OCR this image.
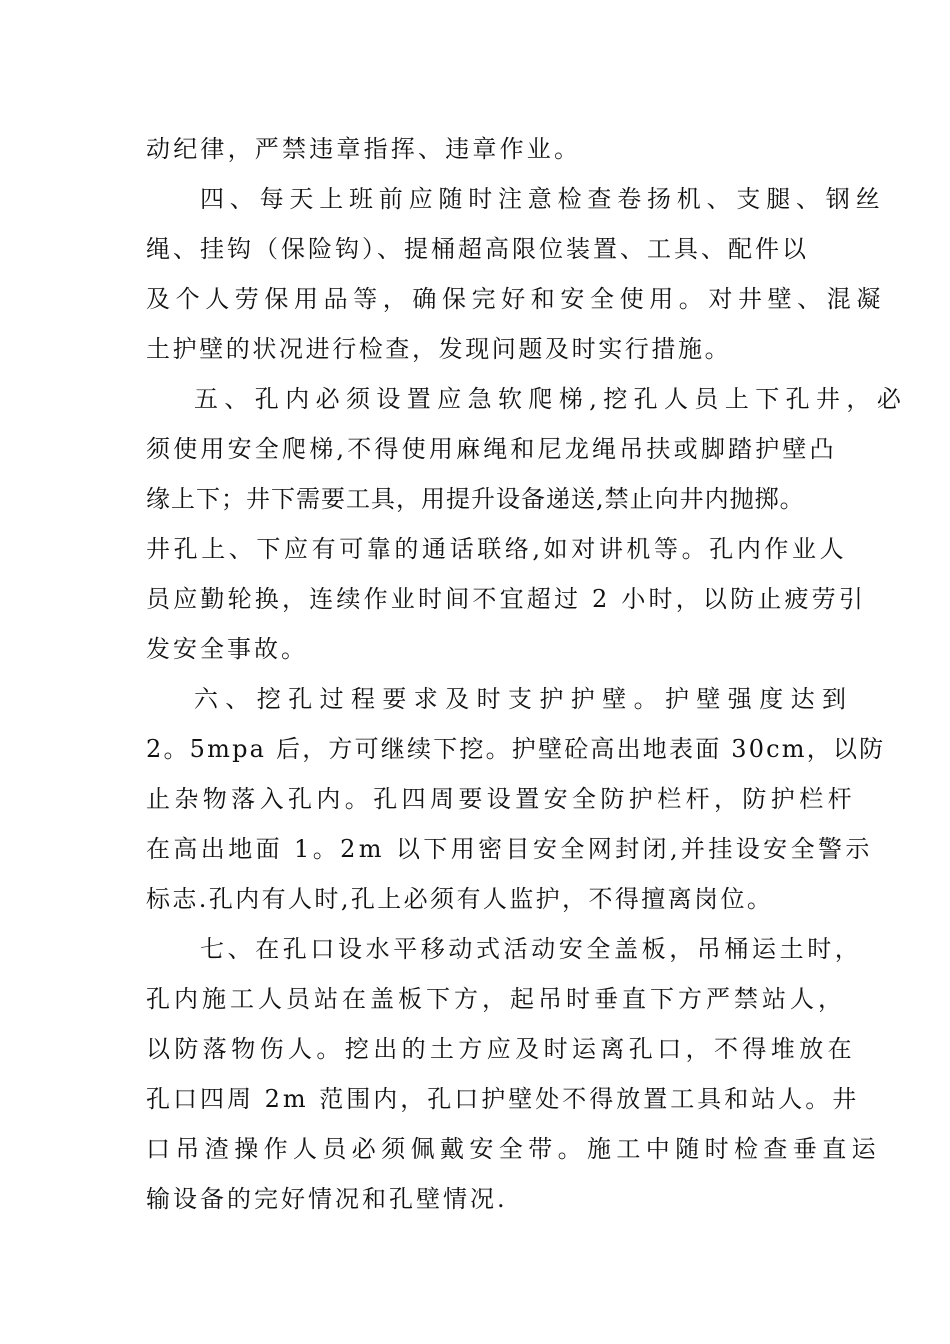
动纪律，严禁违章指挥、违章作业。
四、每天上班前应随时注意检查卷扬机、支腿、钢丝
绳、挂钩（保险钩）、提桶超高限位装置、工具、配件以
及个人劳保用品等，确保完好和安全使用。对井壁、混凝
土护壁的状况进行检查，发现问题及时实行措施。
五、孔内必须设置应急软爬梯,挖孔人员上下孔井，必
须使用安全爬梯,不得使用麻绳和尼龙绳吊扶或脚踏护壁凸
缘上下；井下需要工具，用提升设备递送,禁止向井内抛掷。
井孔上、下应有可靠的通话联络,如对讲机等。孔内作业人
员应勤轮换，连续作业时间不宜超过 2 小时，以防止疲劳引
发安全事故。
六、挖孔过程要求及时支护护壁。护壁强度达到
2。5mpa 后，方可继续下挖。护壁砼高出地表面 30cm，以防
止杂物落入孔内。孔四周要设置安全防护栏杆，防护栏杆
在高出地面 1。2m 以下用密目安全网封闭,并挂设安全警示
标志.孔内有人时,孔上必须有人监护，不得擅离岗位。
七、在孔口设水平移动式活动安全盖板，吊桶运土时，
孔内施工人员站在盖板下方，起吊时垂直下方严禁站人，
以防落物伤人。挖出的土方应及时运离孔口，不得堆放在
孔口四周 2m 范围内，孔口护壁处不得放置工具和站人。井
口吊渣操作人员必须佩戴安全带。施工中随时检查垂直运
输设备的完好情况和孔壁情况.
